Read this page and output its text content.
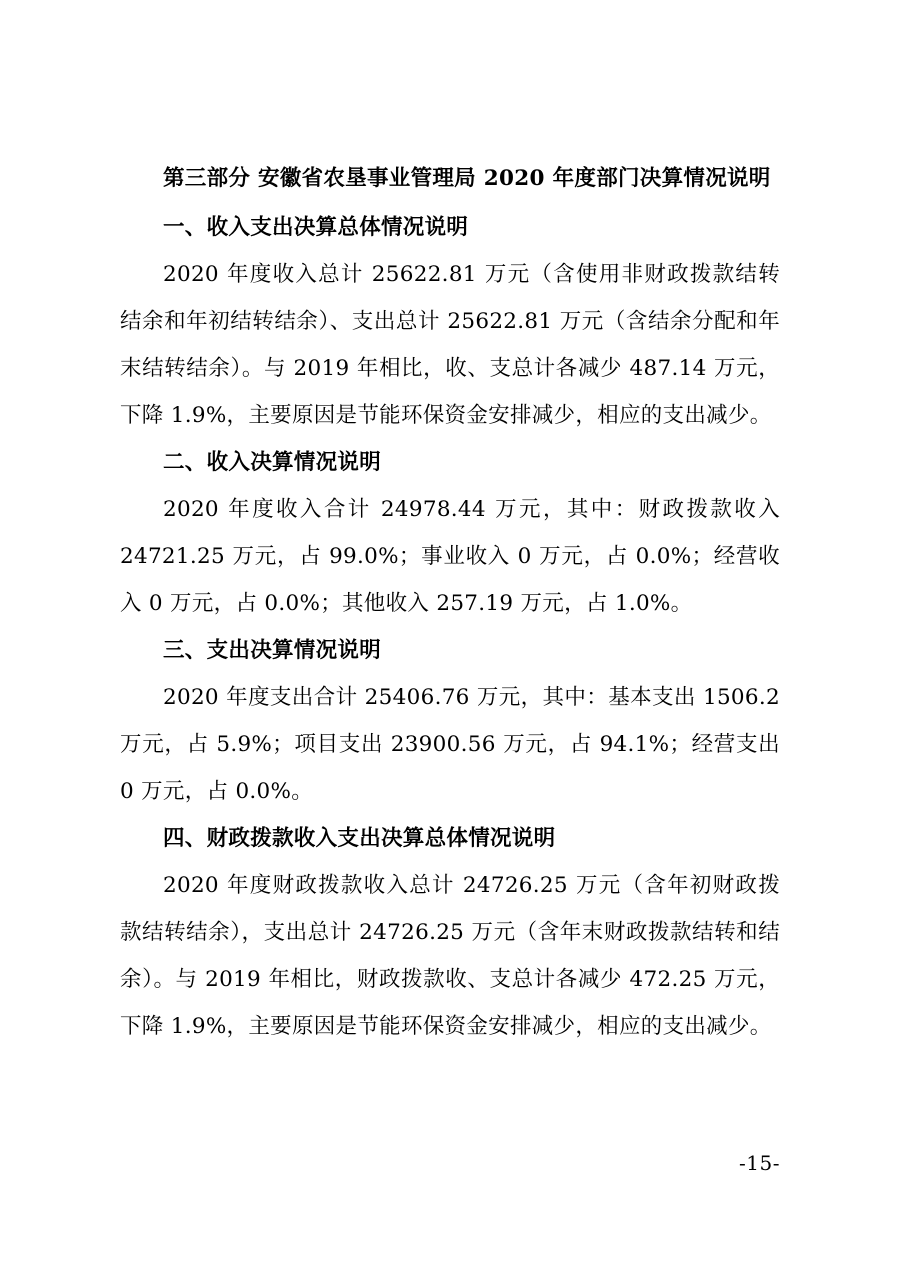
第三部分 安徽省农垦事业管理局 2020 年度部门决算情况说明

一、收入支出决算总体情况说明

2020 年度收入总计 25622.81 万元（含使用非财政拨款结转结余和年初结转结余）、支出总计 25622.81 万元（含结余分配和年末结转结余）。与 2019 年相比，收、支总计各减少 487.14 万元，下降 1.9%，主要原因是节能环保资金安排减少，相应的支出减少。

二、收入决算情况说明

2020 年度收入合计 24978.44 万元，其中：财政拨款收入 24721.25 万元，占 99.0%；事业收入 0 万元，占 0.0%；经营收入 0 万元，占 0.0%；其他收入 257.19 万元，占 1.0%。

三、支出决算情况说明

2020 年度支出合计 25406.76 万元，其中：基本支出 1506.2 万元，占 5.9%；项目支出 23900.56 万元，占 94.1%；经营支出 0 万元，占 0.0%。

四、财政拨款收入支出决算总体情况说明

2020 年度财政拨款收入总计 24726.25 万元（含年初财政拨款结转结余），支出总计 24726.25 万元（含年末财政拨款结转和结余）。与 2019 年相比，财政拨款收、支总计各减少 472.25 万元，下降 1.9%，主要原因是节能环保资金安排减少，相应的支出减少。

-15-
